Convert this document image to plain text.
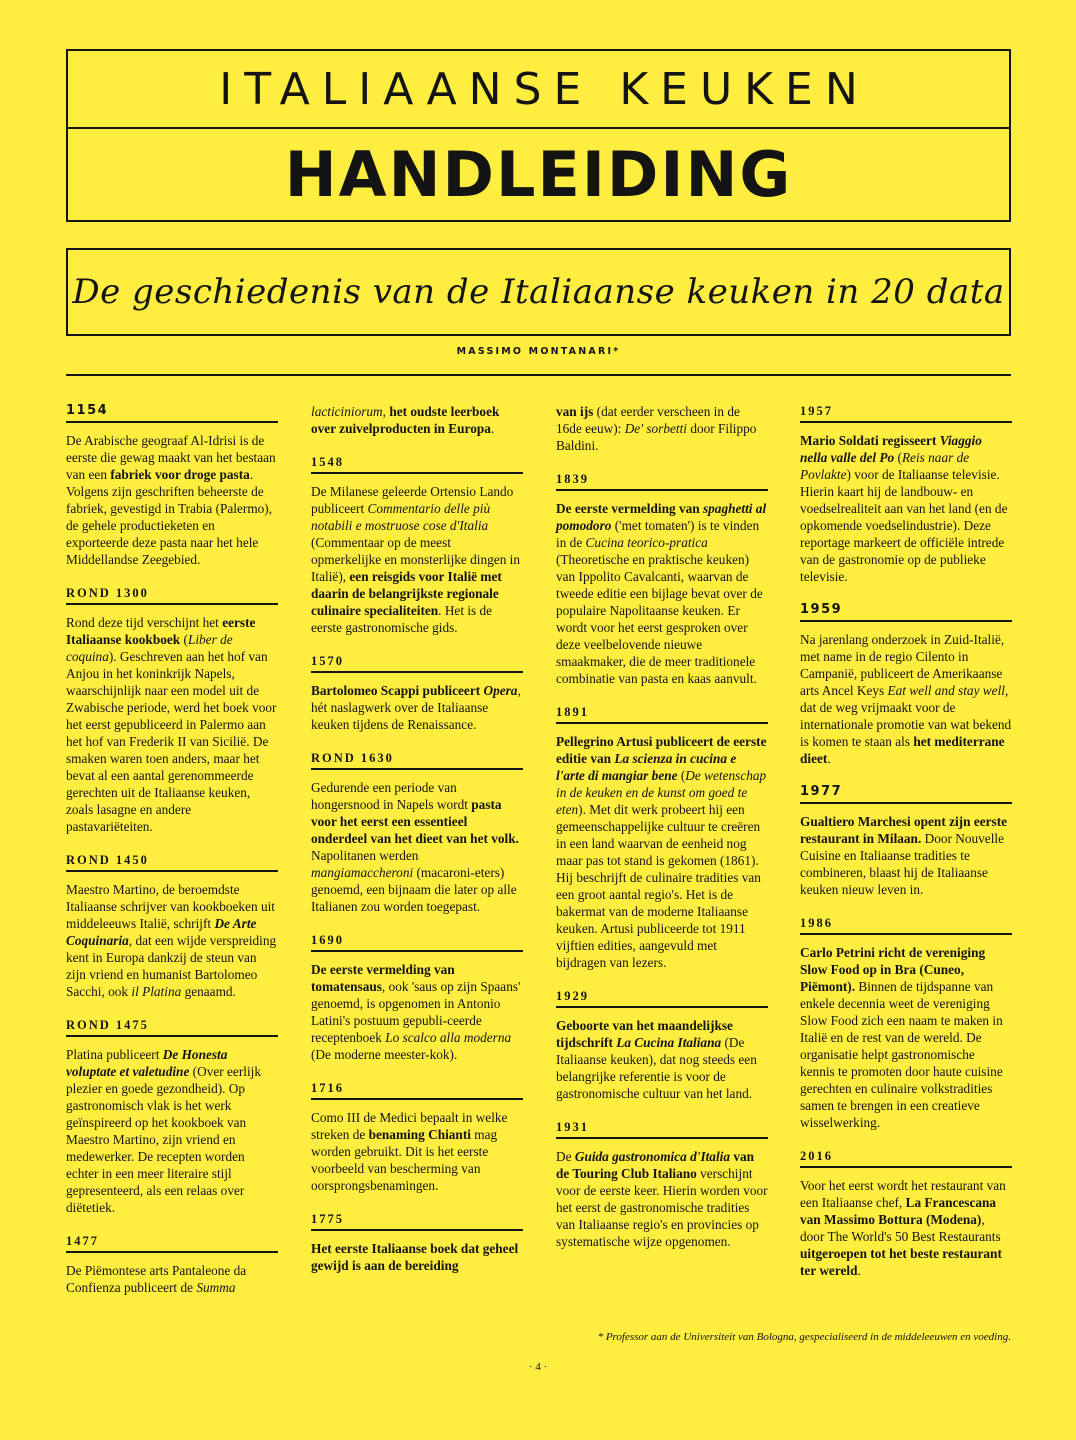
ITALIAANSE KEUKEN
HANDLEIDING
De geschiedenis van de Italiaanse keuken in 20 data
MASSIMO MONTANARI*
1154
De Arabische geograaf Al-Idrisi is de eerste die gewag maakt van het bestaan van een fabriek voor droge pasta. Volgens zijn geschriften beheerste de fabriek, gevestigd in Trabia (Palermo), de gehele productieketen en exporteerde deze pasta naar het hele Middellandse Zeegebied.
ROND 1300
Rond deze tijd verschijnt het eerste Italiaanse kookboek (Liber de coquina). Geschreven aan het hof van Anjou in het koninkrijk Napels, waarschijnlijk naar een model uit de Zwabische periode, werd het boek voor het eerst gepubliceerd in Palermo aan het hof van Frederik II van Sicilië. De smaken waren toen anders, maar het bevat al een aantal gerenommeerde gerechten uit de Italiaanse keuken, zoals lasagne en andere pastavariëteiten.
ROND 1450
Maestro Martino, de beroemdste Italiaanse schrijver van kookboeken uit middeleeuws Italië, schrijft De Arte Coquinaria, dat een wijde verspreiding kent in Europa dankzij de steun van zijn vriend en humanist Bartolomeo Sacchi, ook il Platina genaamd.
ROND 1475
Platina publiceert De Honesta voluptate et valetudine (Over eerlijk plezier en goede gezondheid). Op gastronomisch vlak is het werk geïnspireerd op het kookboek van Maestro Martino, zijn vriend en medewerker. De recepten worden echter in een meer literaire stijl gepresenteerd, als een relaas over diëtetiek.
1477
De Piëmontese arts Pantaleone da Confienza publiceert de Summa
lacticiniorum, het oudste leerboek over zuivelproducten in Europa.
1548
De Milanese geleerde Ortensio Lando publiceert Commentario delle più notabili e mostruose cose d'Italia (Commentaar op de meest opmerkelijke en monsterlijke dingen in Italië), een reisgids voor Italië met daarin de belangrijkste regionale culinaire specialiteiten. Het is de eerste gastronomische gids.
1570
Bartolomeo Scappi publiceert Opera, hét naslagwerk over de Italiaanse keuken tijdens de Renaissance.
ROND 1630
Gedurende een periode van hongersnood in Napels wordt pasta voor het eerst een essentieel onderdeel van het dieet van het volk. Napolitanen werden mangiamaccheroni (macaroni-eters) genoemd, een bijnaam die later op alle Italianen zou worden toegepast.
1690
De eerste vermelding van tomatensaus, ook 'saus op zijn Spaans' genoemd, is opgenomen in Antonio Latini's postuum gepubli-ceerde receptenboek Lo scalco alla moderna (De moderne meester-kok).
1716
Como III de Medici bepaalt in welke streken de benaming Chianti mag worden gebruikt. Dit is het eerste voorbeeld van bescherming van oorsprongsbenamingen.
1775
Het eerste Italiaanse boek dat geheel gewijd is aan de bereiding
van ijs (dat eerder verscheen in de 16de eeuw): De' sorbetti door Filippo Baldini.
1839
De eerste vermelding van spaghetti al pomodoro ('met tomaten') is te vinden in de Cucina teorico-pratica (Theoretische en praktische keuken) van Ippolito Cavalcanti, waarvan de tweede editie een bijlage bevat over de populaire Napolitaanse keuken. Er wordt voor het eerst gesproken over deze veelbelovende nieuwe smaakmaker, die de meer traditionele combinatie van pasta en kaas aanvult.
1891
Pellegrino Artusi publiceert de eerste editie van La scienza in cucina e l'arte di mangiar bene (De wetenschap in de keuken en de kunst om goed te eten). Met dit werk probeert hij een gemeenschappelijke cultuur te creëren in een land waarvan de eenheid nog maar pas tot stand is gekomen (1861). Hij beschrijft de culinaire tradities van een groot aantal regio's. Het is de bakermat van de moderne Italiaanse keuken. Artusi publiceerde tot 1911 vijftien edities, aangevuld met bijdragen van lezers.
1929
Geboorte van het maandelijkse tijdschrift La Cucina Italiana (De Italiaanse keuken), dat nog steeds een belangrijke referentie is voor de gastronomische cultuur van het land.
1931
De Guida gastronomica d'Italia van de Touring Club Italiano verschijnt voor de eerste keer. Hierin worden voor het eerst de gastronomische tradities van Italiaanse regio's en provincies op systematische wijze opgenomen.
1957
Mario Soldati regisseert Viaggio nella valle del Po (Reis naar de Povlakte) voor de Italiaanse televisie. Hierin kaart hij de landbouw- en voedselrealiteit aan van het land (en de opkomende voedselindustrie). Deze reportage markeert de officiële intrede van de gastronomie op de publieke televisie.
1959
Na jarenlang onderzoek in Zuid-Italië, met name in de regio Cilento in Campanië, publiceert de Amerikaanse arts Ancel Keys Eat well and stay well, dat de weg vrijmaakt voor de internationale promotie van wat bekend is komen te staan als het mediterrane dieet.
1977
Gualtiero Marchesi opent zijn eerste restaurant in Milaan. Door Nouvelle Cuisine en Italiaanse tradities te combineren, blaast hij de Italiaanse keuken nieuw leven in.
1986
Carlo Petrini richt de vereniging Slow Food op in Bra (Cuneo, Piëmont). Binnen de tijdspanne van enkele decennia weet de vereniging Slow Food zich een naam te maken in Italië en de rest van de wereld. De organisatie helpt gastronomische kennis te promoten door haute cuisine gerechten en culinaire volkstradities samen te brengen in een creatieve wisselwerking.
2016
Voor het eerst wordt het restaurant van een Italiaanse chef, La Francescana van Massimo Bottura (Modena), door The World's 50 Best Restaurants uitgeroepen tot het beste restaurant ter wereld.
* Professor aan de Universiteit van Bologna, gespecialiseerd in de middeleeuwen en voeding.
· 4 ·
